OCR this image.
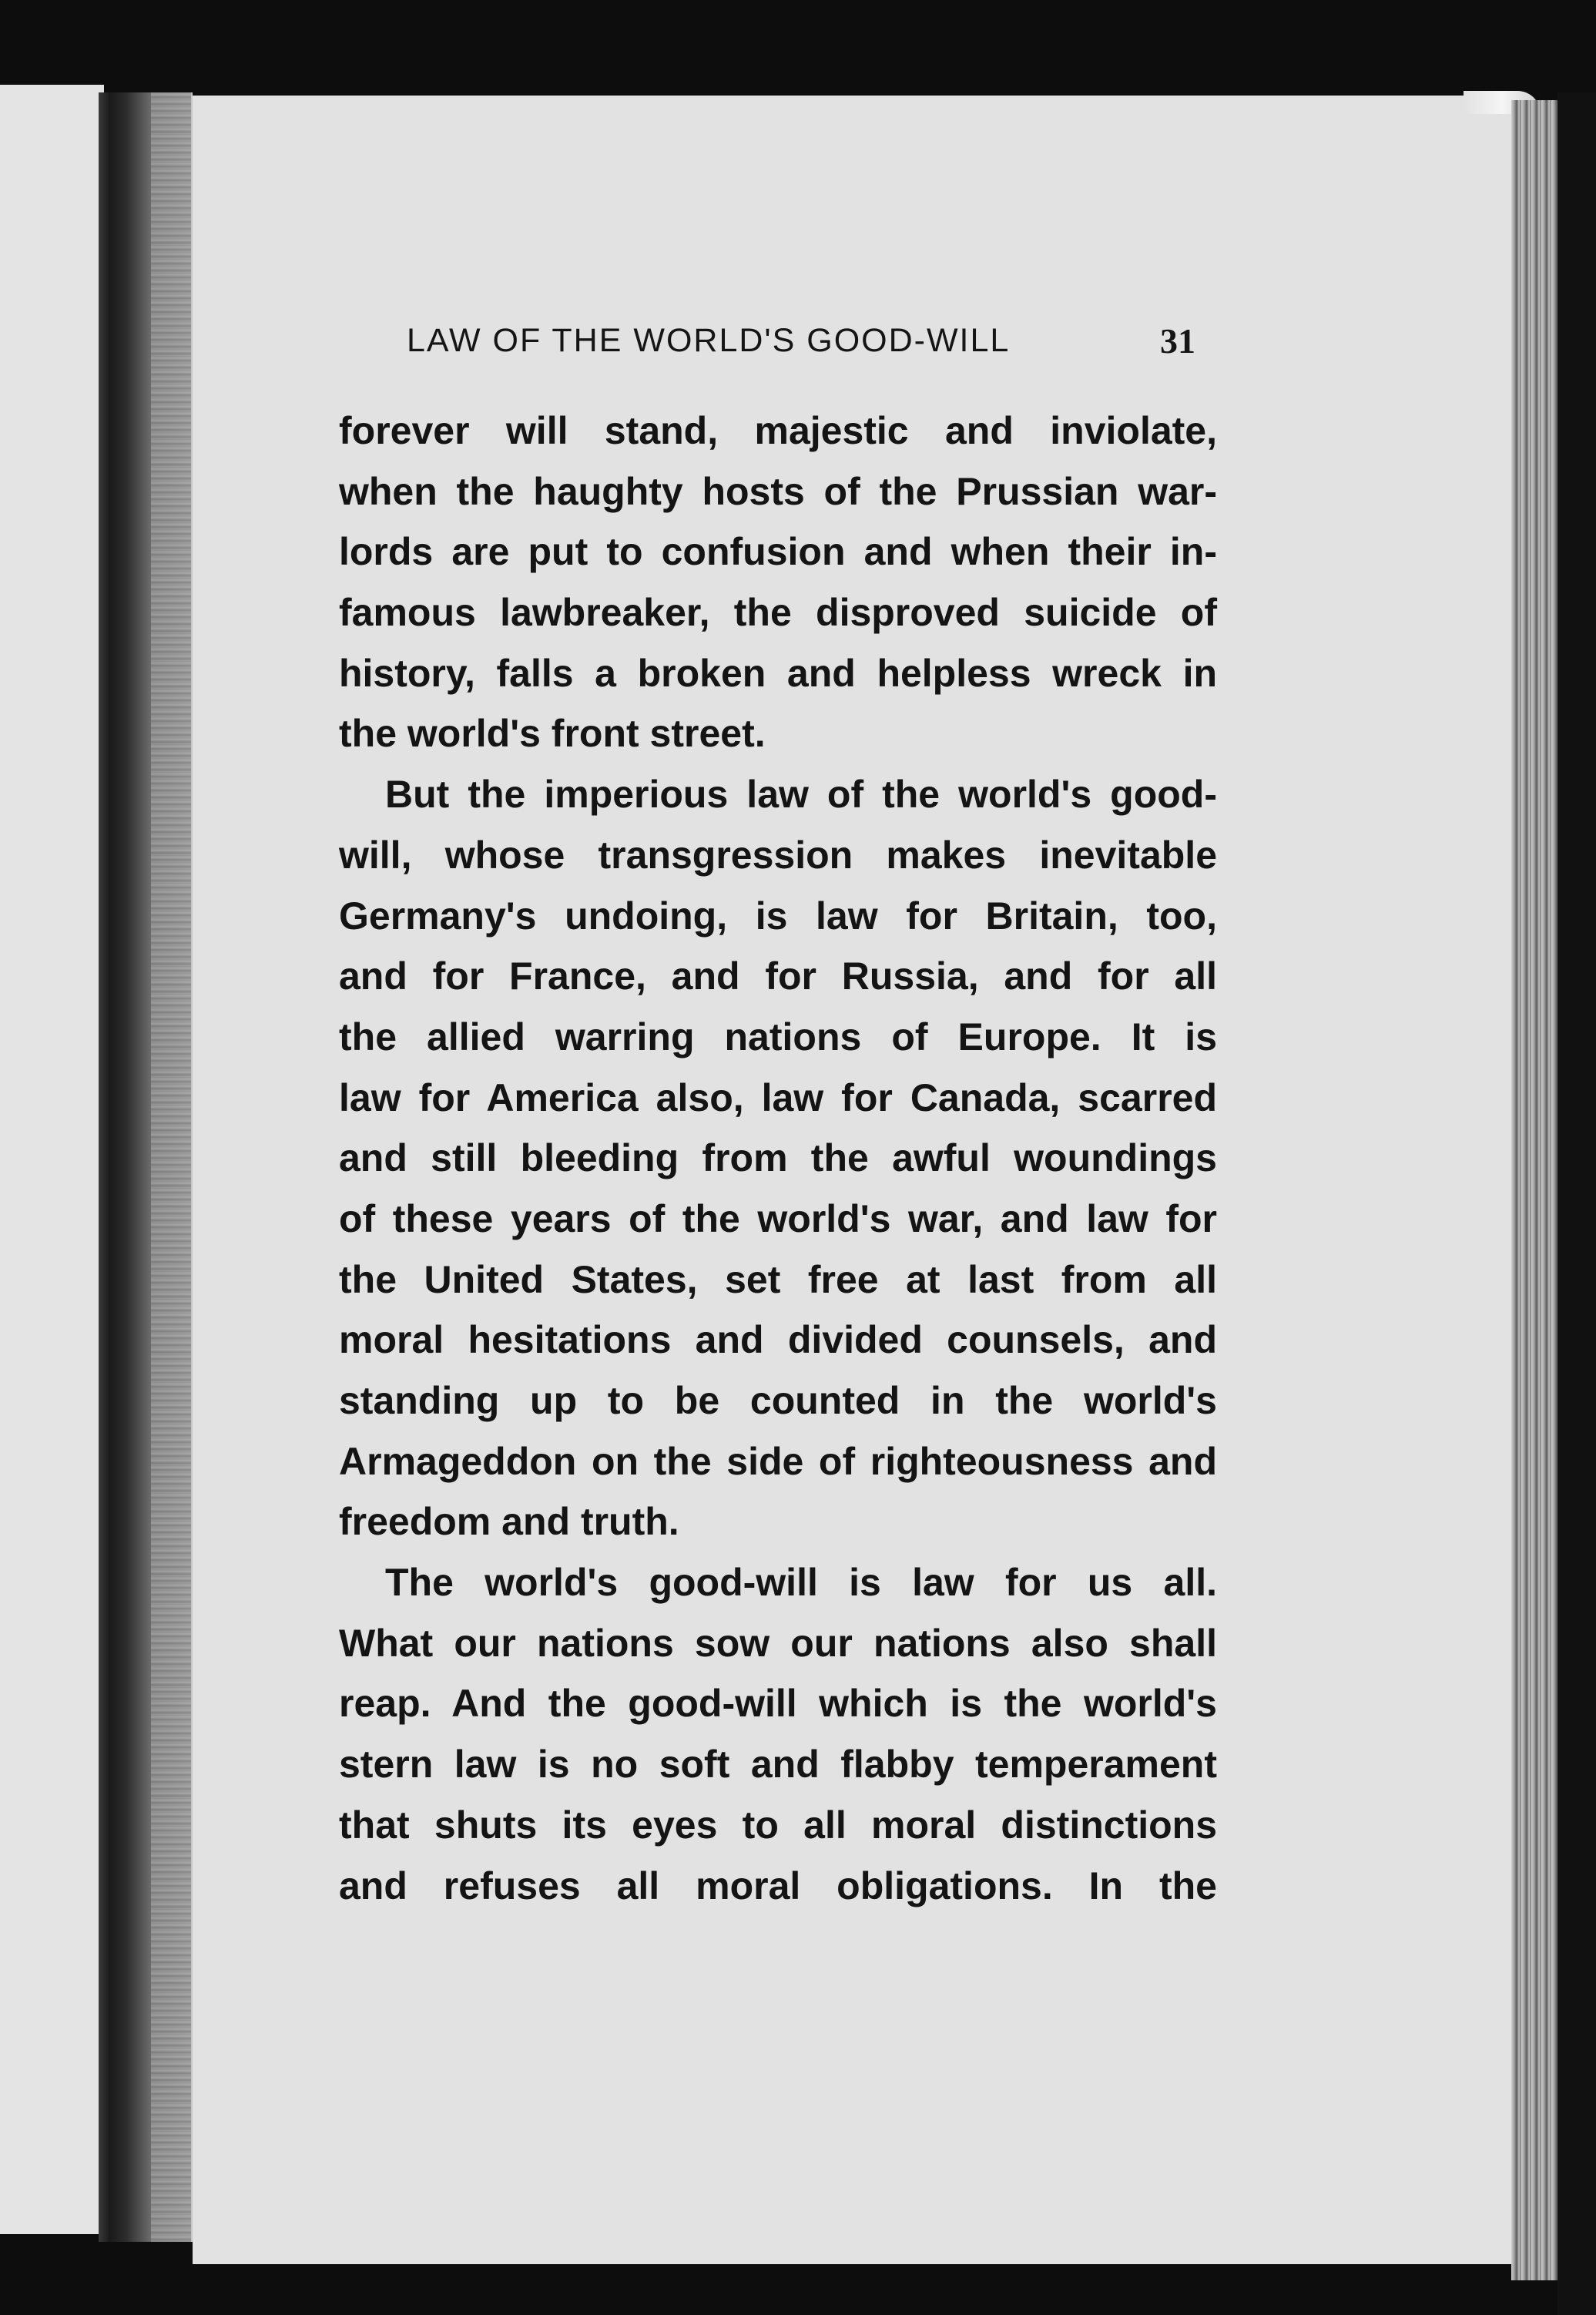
LAW OF THE WORLD'S GOOD-WILL	31
forever will stand, majestic and inviolate,
when the haughty hosts of the Prussian war-
lords are put to confusion and when their in-
famous lawbreaker, the disproved suicide of
history, falls a broken and helpless wreck in
the world's front street.
But the imperious law of the world's good-
will, whose transgression makes inevitable
Germany's undoing, is law for Britain, too,
and for France, and for Russia, and for all
the allied warring nations of Europe. It is
law for America also, law for Canada, scarred
and still bleeding from the awful woundings
of these years of the world's war, and law for
the United States, set free at last from all
moral hesitations and divided counsels, and
standing up to be counted in the world's
Armageddon on the side of righteousness and
freedom and truth.
The world's good-will is law for us all.
What our nations sow our nations also shall
reap. And the good-will which is the world's
stern law is no soft and flabby temperament
that shuts its eyes to all moral distinctions
and refuses all moral obligations. In the
